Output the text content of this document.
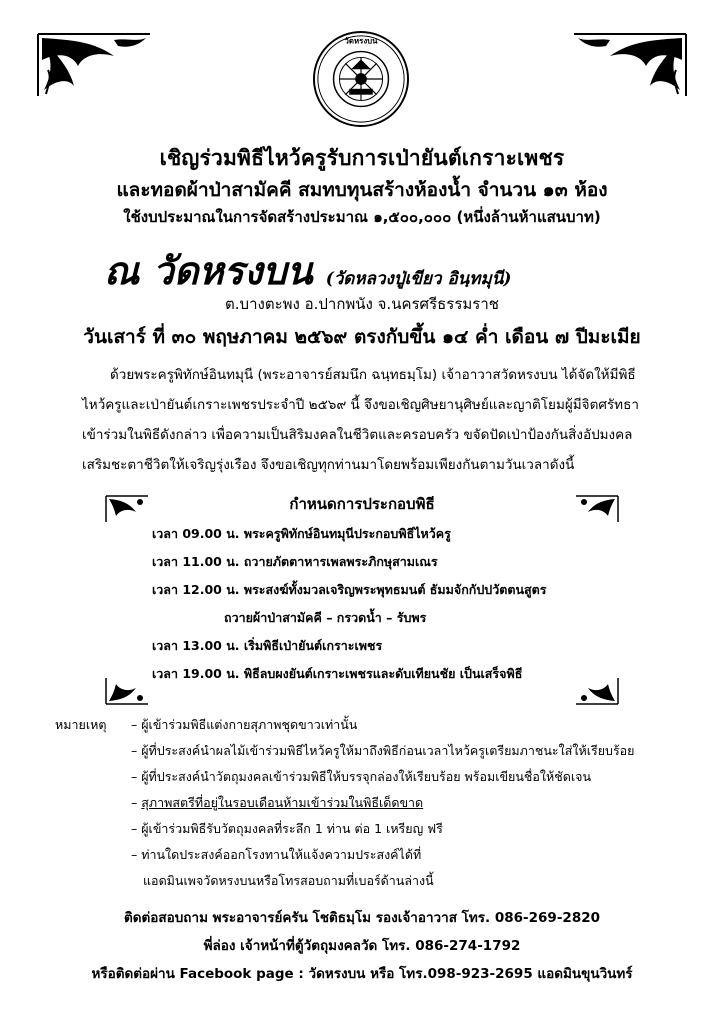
วัดหรงบน
เชิญร่วมพิธีไหว้ครูรับการเป่ายันต์เกราะเพชร
และทอดผ้าป่าสามัคคี สมทบทุนสร้างห้องน้ำ จำนวน ๑๓ ห้อง
ใช้งบประมาณในการจัดสร้างประมาณ ๑,๕๐๐,๐๐๐ (หนึ่งล้านห้าแสนบาท)
ณ วัดหรงบน (วัดหลวงปู่เขียว อินฺทมุนี)
ต.บางตะพง อ.ปากพนัง จ.นครศรีธรรมราช
วันเสาร์ ที่ ๓๐ พฤษภาคม ๒๕๖๙ ตรงกับขึ้น ๑๔ ค่ำ เดือน ๗ ปีมะเมีย

ด้วยพระครูพิทักษ์อินทมุนี (พระอาจารย์สมนึก ฉนฺทธมฺโม) เจ้าอาวาสวัดหรงบน ได้จัดให้มีพิธี

ไหว้ครูและเป่ายันต์เกราะเพชรประจำปี ๒๕๖๙ นี้ จึงขอเชิญศิษยานุศิษย์และญาติโยมผู้มีจิตศรัทธา

เข้าร่วมในพิธีดังกล่าว เพื่อความเป็นสิริมงคลในชีวิตและครอบครัว ขจัดปัดเป่าป้องกันสิ่งอัปมงคล

เสริมชะตาชีวิตให้เจริญรุ่งเรือง จึงขอเชิญทุกท่านมาโดยพร้อมเพียงกันตามวันเวลาดังนี้

กำหนดการประกอบพิธี
เวลา 09.00 น. พระครูพิทักษ์อินทมุนีประกอบพิธีไหว้ครู
เวลา 11.00 น. ถวายภัตตาหารเพลพระภิกษุสามเณร
เวลา 12.00 น. พระสงฆ์ทั้งมวลเจริญพระพุทธมนต์ ธัมมจักกัปปวัตตนสูตร
ถวายผ้าป่าสามัคคี – กรวดน้ำ – รับพร
เวลา 13.00 น. เริ่มพิธีเป่ายันต์เกราะเพชร
เวลา 19.00 น. พิธีลบผงยันต์เกราะเพชรและดับเทียนชัย เป็นเสร็จพิธี
หมายเหตุ – ผู้เข้าร่วมพิธีแต่งกายสุภาพชุดขาวเท่านั้น
– ผู้ที่ประสงค์นำผลไม้เข้าร่วมพิธีไหว้ครูให้มาถึงพิธีก่อนเวลาไหว้ครูเตรียมภาชนะใส่ให้เรียบร้อย
– ผู้ที่ประสงค์นำวัตถุมงคลเข้าร่วมพิธีให้บรรจุกล่องให้เรียบร้อย พร้อมเขียนชื่อให้ชัดเจน
– สุภาพสตรีที่อยู่ในรอบเดือนห้ามเข้าร่วมในพิธีเด็ดขาด
– ผู้เข้าร่วมพิธีรับวัตถุมงคลที่ระลึก 1 ท่าน ต่อ 1 เหรียญ ฟรี
– ท่านใดประสงค์ออกโรงทานให้แจ้งความประสงค์ได้ที่
แอดมินเพจวัดหรงบนหรือโทรสอบถามที่เบอร์ด้านล่างนี้
ติดต่อสอบถาม พระอาจารย์ครัน โชติธมฺโม รองเจ้าอาวาส โทร. 086-269-2820
พี่ล่อง เจ้าหน้าที่ตู้วัตถุมงคลวัด โทร. 086-274-1792
หรือติดต่อผ่าน Facebook page : วัดหรงบน หรือ โทร.098-923-2695 แอดมินขุนวินทร์
